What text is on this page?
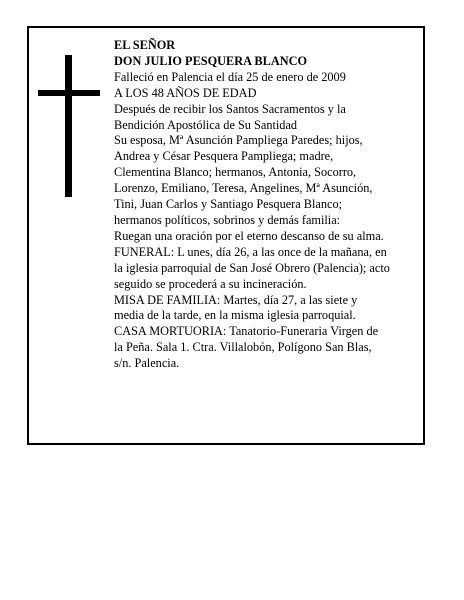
EL SEÑOR
DON JULIO PESQUERA BLANCO
Falleció en Palencia el día 25 de enero de 2009
A LOS 48 AÑOS DE EDAD
Después de recibir los Santos Sacramentos y la
Bendición Apostólica de Su Santidad
Su esposa, Mª Asunción Pampliega Paredes; hijos,
Andrea y César Pesquera Pampliega; madre,
Clementina Blanco; hermanos, Antonia, Socorro,
Lorenzo, Emiliano, Teresa, Angelines, Mª Asunción,
Tini, Juan Carlos y Santiago Pesquera Blanco;
hermanos políticos, sobrinos y demás familia:
Ruegan una oración por el eterno descanso de su alma.
FUNERAL: L unes, día 26, a las once de la mañana, en
la iglesia parroquial de San José Obrero (Palencia); acto
seguido se procederá a su incineración.
MISA DE FAMILIA: Martes, día 27, a las siete y
media de la tarde, en la misma iglesia parroquial.
CASA MORTUORIA: Tanatorio-Funeraria Virgen de
la Peña. Sala 1. Ctra. Villalobón, Polígono San Blas,
s/n. Palencia.
